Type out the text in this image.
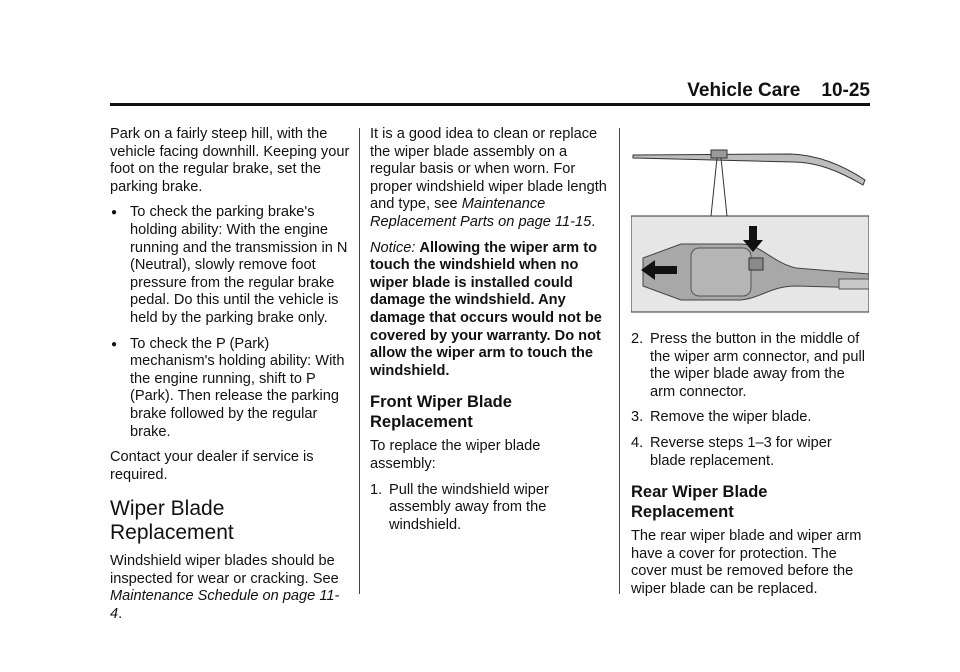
Vehicle Care    10-25

Park on a fairly steep hill, with the vehicle facing downhill. Keeping your foot on the regular brake, set the parking brake.

● To check the parking brake's holding ability: With the engine running and the transmission in N (Neutral), slowly remove foot pressure from the regular brake pedal. Do this until the vehicle is held by the parking brake only.
● To check the P (Park) mechanism's holding ability: With the engine running, shift to P (Park). Then release the parking brake followed by the regular brake.

Contact your dealer if service is required.

Wiper Blade Replacement

Windshield wiper blades should be inspected for wear or cracking. See Maintenance Schedule on page 11-4.

It is a good idea to clean or replace the wiper blade assembly on a regular basis or when worn. For proper windshield wiper blade length and type, see Maintenance Replacement Parts on page 11-15.

Notice: Allowing the wiper arm to touch the windshield when no wiper blade is installed could damage the windshield. Any damage that occurs would not be covered by your warranty. Do not allow the wiper arm to touch the windshield.

Front Wiper Blade Replacement

To replace the wiper blade assembly:

1. Pull the windshield wiper assembly away from the windshield.
2. Press the button in the middle of the wiper arm connector, and pull the wiper blade away from the arm connector.
3. Remove the wiper blade.
4. Reverse steps 1–3 for wiper blade replacement.
Rear Wiper Blade Replacement

The rear wiper blade and wiper arm have a cover for protection. The cover must be removed before the wiper blade can be replaced.
